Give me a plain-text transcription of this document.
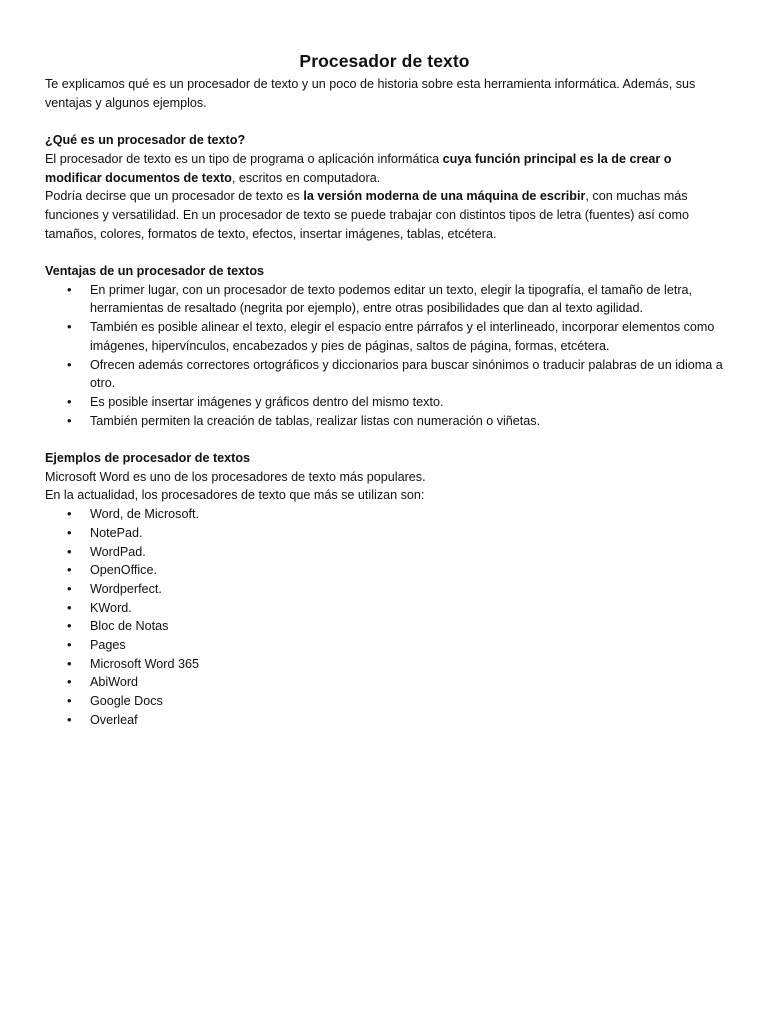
Procesador de texto

Te explicamos qué es un procesador de texto y un poco de historia sobre esta herramienta informática. Además, sus ventajas y algunos ejemplos.

¿Qué es un procesador de texto?

El procesador de texto es un tipo de programa o aplicación informática cuya función principal es la de crear o modificar documentos de texto, escritos en computadora.

Podría decirse que un procesador de texto es la versión moderna de una máquina de escribir, con muchas más funciones y versatilidad. En un procesador de texto se puede trabajar con distintos tipos de letra (fuentes) así como tamaños, colores, formatos de texto, efectos, insertar imágenes, tablas, etcétera.

Ventajas de un procesador de textos

• En primer lugar, con un procesador de texto podemos editar un texto, elegir la tipografía, el tamaño de letra, herramientas de resaltado (negrita por ejemplo), entre otras posibilidades que dan al texto agilidad.
• También es posible alinear el texto, elegir el espacio entre párrafos y el interlineado, incorporar elementos como imágenes, hipervínculos, encabezados y pies de páginas, saltos de página, formas, etcétera.
• Ofrecen además correctores ortográficos y diccionarios para buscar sinónimos o traducir palabras de un idioma a otro.
• Es posible insertar imágenes y gráficos dentro del mismo texto.
• También permiten la creación de tablas, realizar listas con numeración o viñetas.

Ejemplos de procesador de textos

Microsoft Word es uno de los procesadores de texto más populares.

En la actualidad, los procesadores de texto que más se utilizan son:

• Word, de Microsoft.
• NotePad.
• WordPad.
• OpenOffice.
• Wordperfect.
• KWord.
• Bloc de Notas
• Pages
• Microsoft Word 365
• AbiWord
• Google Docs
• Overleaf
